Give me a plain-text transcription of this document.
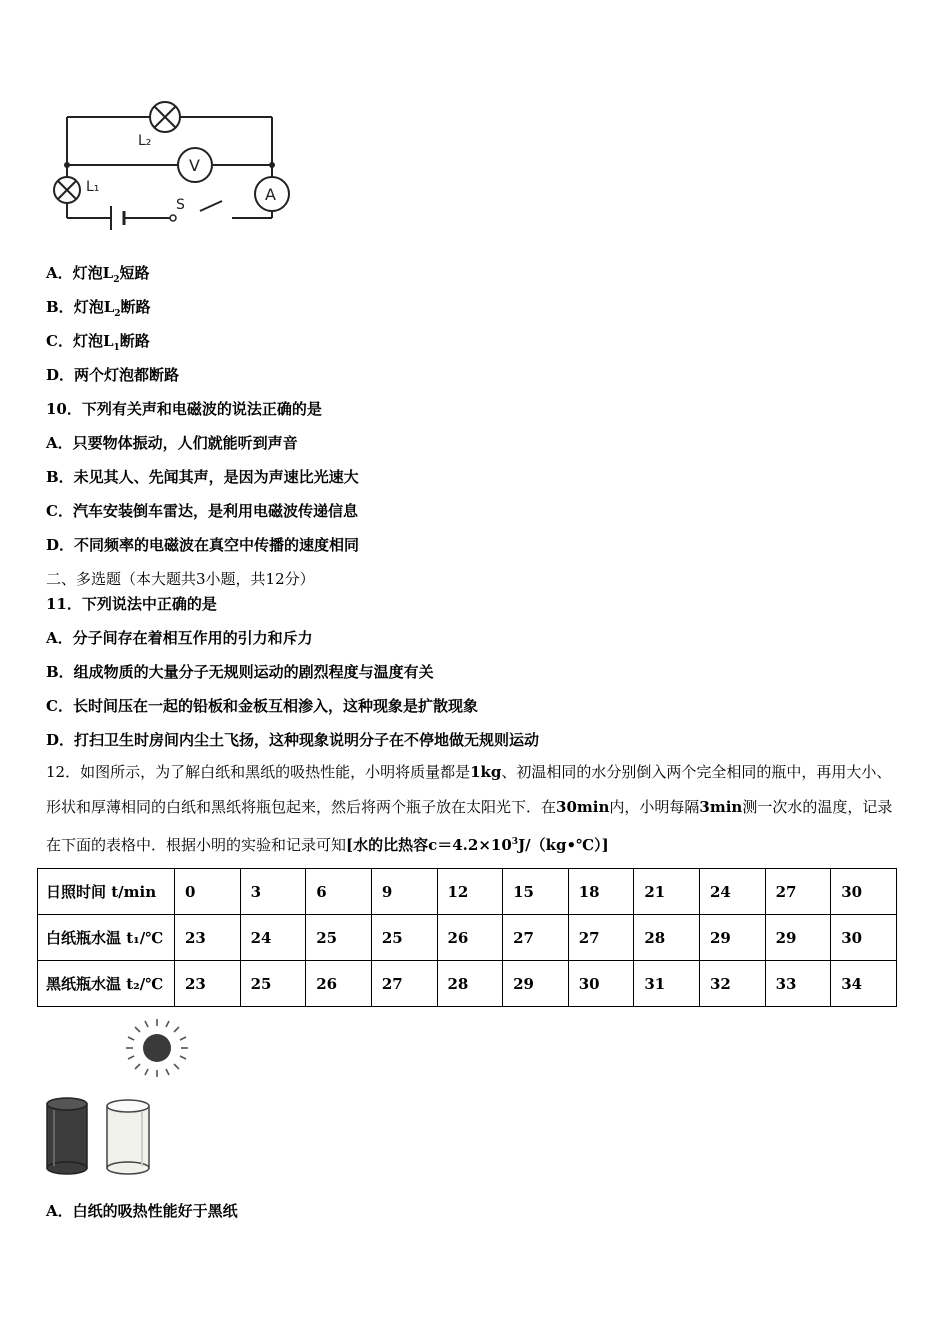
L₂
L₁
V
A
S
A．灯泡$L_2$短路
B．灯泡$L_2$断路
C．灯泡$L_1$断路
D．两个灯泡都断路
10．下列有关声和电磁波的说法正确的是
A．只要物体振动，人们就能听到声音
B．未见其人、先闻其声，是因为声速比光速大
C．汽车安装倒车雷达，是利用电磁波传递信息
D．不同频率的电磁波在真空中传播的速度相同
二、多选题（本大题共3小题，共12分）
11．下列说法中正确的是
A．分子间存在着相互作用的引力和斥力
B．组成物质的大量分子无规则运动的剧烈程度与温度有关
C．长时间压在一起的铅板和金板互相渗入，这种现象是扩散现象
D．打扫卫生时房间内尘土飞扬，这种现象说明分子在不停地做无规则运动
12．如图所示，为了解白纸和黑纸的吸热性能，小明将质量都是1kg、初温相同的水分别倒入两个完全相同的瓶中，再用大小、形状和厚薄相同的白纸和黑纸将瓶包起来，然后将两个瓶子放在太阳光下．在30min内，小明每隔3min测一次水的温度，记录在下面的表格中．根据小明的实验和记录可知[水的比热容$c=4.2\times 10^3J/(kg•℃)$]
日照时间 t/min	0	3	6	9	12	15	18	21	24	27	30
白纸瓶水温 t₁/℃	23	24	25	25	26	27	27	28	29	29	30
黑纸瓶水温 t₂/℃	23	25	26	27	28	29	30	31	32	33	34
A．白纸的吸热性能好于黑纸
